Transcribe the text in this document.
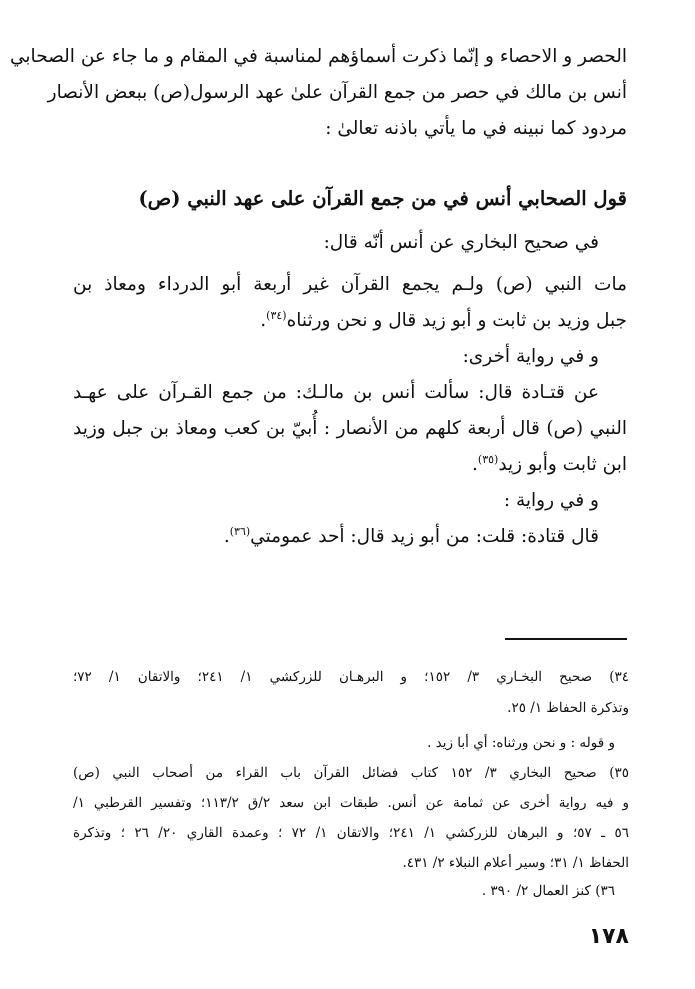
الحصر و الاحصاء و إنّما ذكرت أسماؤهم لمناسبة في المقام و ما جاء عن الصحابي
أنس بن مالك في حصر من جمع القرآن علىٰ عهد الرسول(ص) ببعض الأنصار
مردود كما نبينه في ما يأتي باذنه تعالىٰ :
قول الصحابي أنس في من جمع القرآن على عهد النبي (ص)
في صحيح البخاري عن أنس أنّه قال:
مات النبي (ص) ولـم يجمع القرآن غير أربعة أبو الدرداء ومعاذ بن
جبل وزيد بن ثابت و أبو زيد قال و نحن ورثناه$^{(٣٤)}$.
و في رواية أخرى:
عن قتـادة قال: سألت أنس بن مالـك: من جمع القـرآن على عهـد
النبي (ص) قال أربعة كلهم من الأنصار : أُبيّ بن كعب ومعاذ بن جبل وزيد
ابن ثابت وأبو زيد$^{(٣٥)}$.
و في رواية :
قال قتادة: قلت: من أبو زيد قال: أحد عمومتي$^{(٣٦)}$.
٣٤) صحيح البخـاري ٣/ ١٥٢؛ و البرهـان للزركشي ١/ ٢٤١؛ والاتقان ١/ ٧٢؛
وتذكرة الحفاظ ١/ ٢٥.
و قوله : و نحن ورثناه: أي أبا زيد .
٣٥) صحيح البخاري ٣/ ١٥٢ كتاب فضائل القرآن باب القراء من أصحاب النبي (ص)
و فيه رواية أخرى عن ثمامة عن أنس. طبقات ابن سعد ٢/ق ١١٣/٢؛ وتفسير القرطبي ١/
٥٦ ـ ٥٧؛ و البرهان للزركشي ١/ ٢٤١؛ والاتقان ١/ ٧٢ ؛ وعمدة القاري ٢٠/ ٢٦ ؛ وتذكرة
الحفاظ ١/ ٣١؛ وسير أعلام النبلاء ٢/ ٤٣١.
٣٦) كنز العمال ٢/ ٣٩٠ .
١٧٨
